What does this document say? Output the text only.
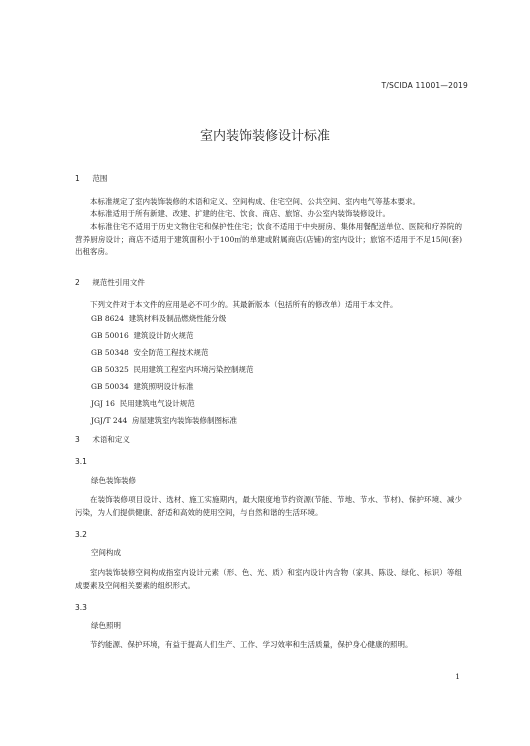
T/SCIDA 11001—2019
室内装饰装修设计标准
1 范围

本标准规定了室内装饰装修的术语和定义、空间构成、住宅空间、公共空间、室内电气等基本要求。

本标准适用于所有新建、改建、扩建的住宅、饮食、商店、旅馆、办公室内装饰装修设计。

本标准住宅不适用于历史文物住宅和保护性住宅；饮食不适用于中央厨房、集体用餐配送单位、医院和疗养院的营养厨房设计；商店不适用于建筑面积小于100㎡的单建或附属商店(店铺)的室内设计；旅馆不适用于不足15间(套)出租客房。

2 规范性引用文件

下列文件对于本文件的应用是必不可少的。其最新版本（包括所有的修改单）适用于本文件。

GB 8624 建筑材料及制品燃烧性能分级
GB 50016 建筑设计防火规范
GB 50348 安全防范工程技术规范
GB 50325 民用建筑工程室内环境污染控制规范
GB 50034 建筑照明设计标准
JGJ 16 民用建筑电气设计规范
JGJ/T 244 房屋建筑室内装饰装修制图标准
3 术语和定义
3.1
绿色装饰装修

在装饰装修项目设计、选材、施工实施期内，最大限度地节约资源(节能、节地、节水、节材)、保护环境、减少污染，为人们提供健康、舒适和高效的使用空间，与自然和谐的生活环境。

3.2
空间构成

室内装饰装修空间构成指室内设计元素（形、色、光、质）和室内设计内含物（家具、陈设、绿化、标识）等组成要素及空间相关要素的组织形式。

3.3
绿色照明

节约能源、保护环境，有益于提高人们生产、工作、学习效率和生活质量，保护身心健康的照明。

1
